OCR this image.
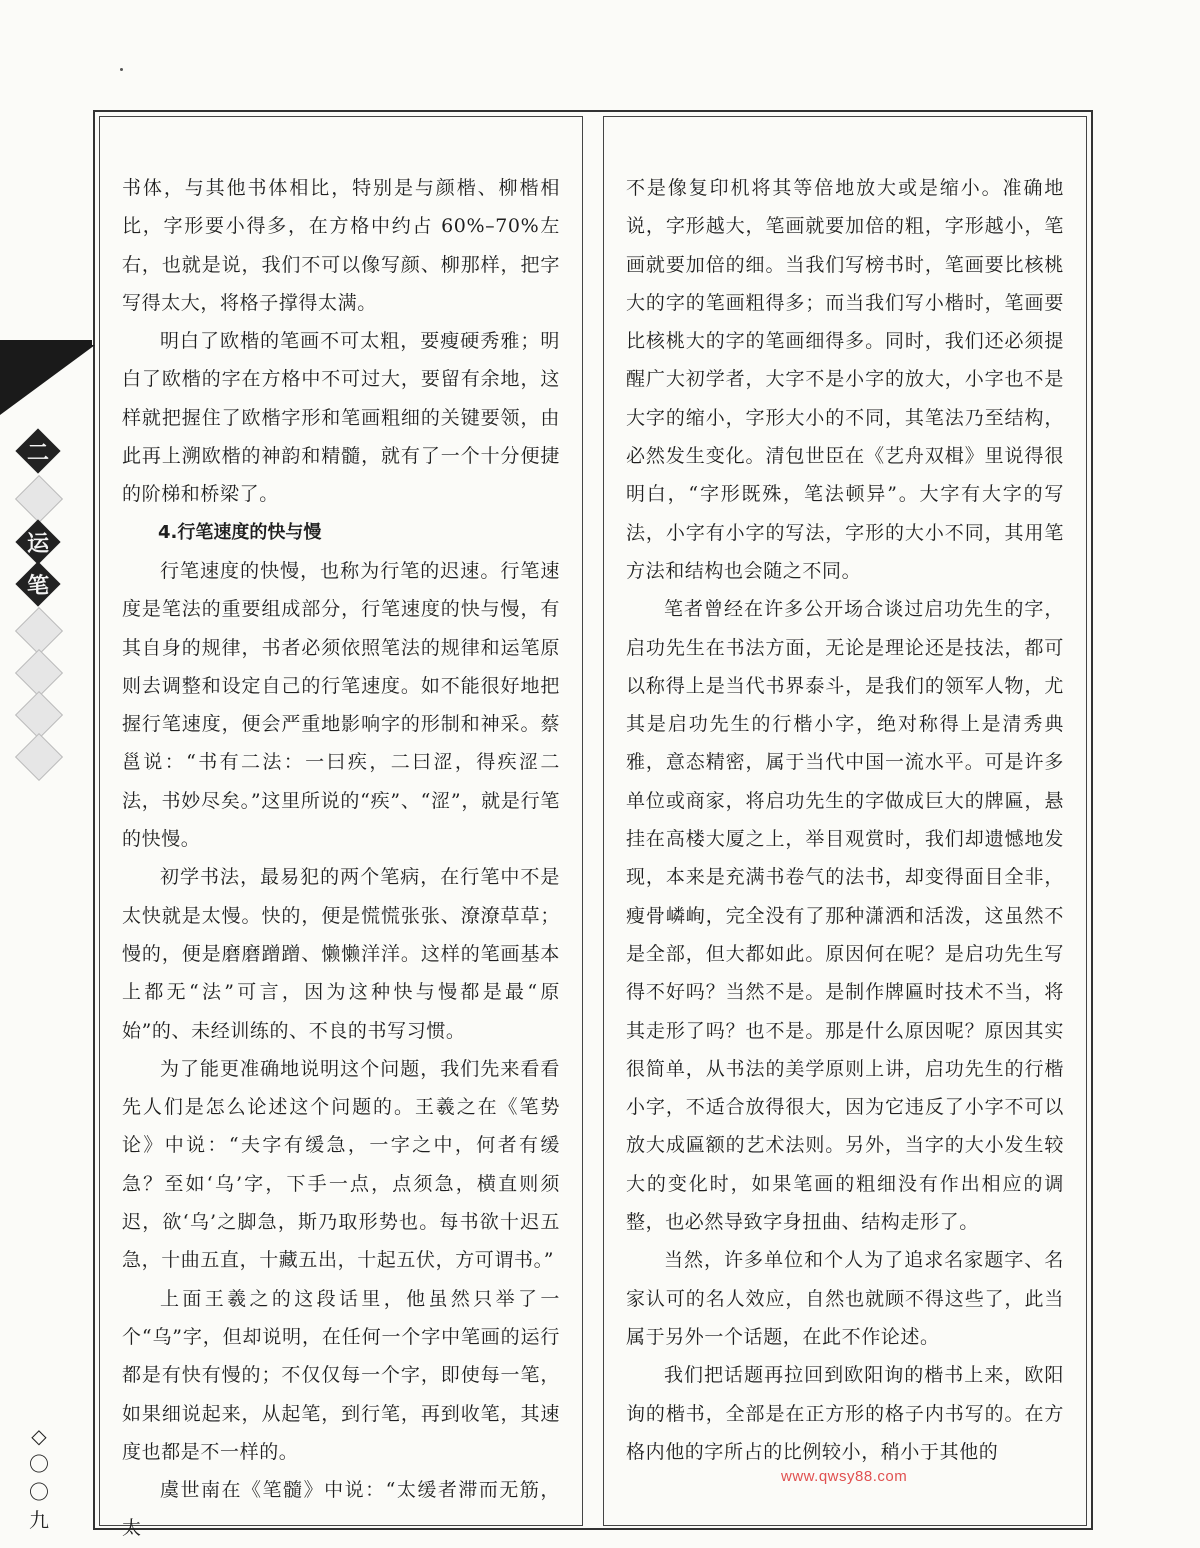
二
运
笔

书体，与其他书体相比，特别是与颜楷、柳楷相比，字形要小得多，在方格中约占 60%–70%左右，也就是说，我们不可以像写颜、柳那样，把字写得太大，将格子撑得太满。

明白了欧楷的笔画不可太粗，要瘦硬秀雅；明白了欧楷的字在方格中不可过大，要留有余地，这样就把握住了欧楷字形和笔画粗细的关键要领，由此再上溯欧楷的神韵和精髓，就有了一个十分便捷的阶梯和桥梁了。

4.行笔速度的快与慢

行笔速度的快慢，也称为行笔的迟速。行笔速度是笔法的重要组成部分，行笔速度的快与慢，有其自身的规律，书者必须依照笔法的规律和运笔原则去调整和设定自己的行笔速度。如不能很好地把握行笔速度，便会严重地影响字的形制和神采。蔡邕说：“书有二法：一曰疾，二曰涩，得疾涩二法，书妙尽矣。”这里所说的“疾”、“涩”，就是行笔的快慢。

初学书法，最易犯的两个笔病，在行笔中不是太快就是太慢。快的，便是慌慌张张、潦潦草草；慢的，便是磨磨蹭蹭、懒懒洋洋。这样的笔画基本上都无“法”可言，因为这种快与慢都是最“原始”的、未经训练的、不良的书写习惯。

为了能更准确地说明这个问题，我们先来看看先人们是怎么论述这个问题的。王羲之在《笔势论》中说：“夫字有缓急，一字之中，何者有缓急？至如‘乌’字，下手一点，点须急，横直则须迟，欲‘乌’之脚急，斯乃取形势也。每书欲十迟五急，十曲五直，十藏五出，十起五伏，方可谓书。”

上面王羲之的这段话里，他虽然只举了一个“乌”字，但却说明，在任何一个字中笔画的运行都是有快有慢的；不仅仅每一个字，即使每一笔，如果细说起来，从起笔，到行笔，再到收笔，其速度也都是不一样的。

虞世南在《笔髓》中说：“太缓者滞而无筋，太

不是像复印机将其等倍地放大或是缩小。准确地说，字形越大，笔画就要加倍的粗，字形越小，笔画就要加倍的细。当我们写榜书时，笔画要比核桃大的字的笔画粗得多；而当我们写小楷时，笔画要比核桃大的字的笔画细得多。同时，我们还必须提醒广大初学者，大字不是小字的放大，小字也不是大字的缩小，字形大小的不同，其笔法乃至结构，必然发生变化。清包世臣在《艺舟双楫》里说得很明白，“字形既殊，笔法顿异”。大字有大字的写法，小字有小字的写法，字形的大小不同，其用笔方法和结构也会随之不同。

笔者曾经在许多公开场合谈过启功先生的字，启功先生在书法方面，无论是理论还是技法，都可以称得上是当代书界泰斗，是我们的领军人物，尤其是启功先生的行楷小字，绝对称得上是清秀典雅，意态精密，属于当代中国一流水平。可是许多单位或商家，将启功先生的字做成巨大的牌匾，悬挂在高楼大厦之上，举目观赏时，我们却遗憾地发现，本来是充满书卷气的法书，却变得面目全非，瘦骨嶙峋，完全没有了那种潇洒和活泼，这虽然不是全部，但大都如此。原因何在呢？是启功先生写得不好吗？当然不是。是制作牌匾时技术不当，将其走形了吗？也不是。那是什么原因呢？原因其实很简单，从书法的美学原则上讲，启功先生的行楷小字，不适合放得很大，因为它违反了小字不可以放大成匾额的艺术法则。另外，当字的大小发生较大的变化时，如果笔画的粗细没有作出相应的调整，也必然导致字身扭曲、结构走形了。

当然，许多单位和个人为了追求名家题字、名家认可的名人效应，自然也就顾不得这些了，此当属于另外一个话题，在此不作论述。

我们把话题再拉回到欧阳询的楷书上来，欧阳询的楷书，全部是在正方形的格子内书写的。在方格内他的字所占的比例较小，稍小于其他的

◇
〇
〇
九
www.qwsy88.com
